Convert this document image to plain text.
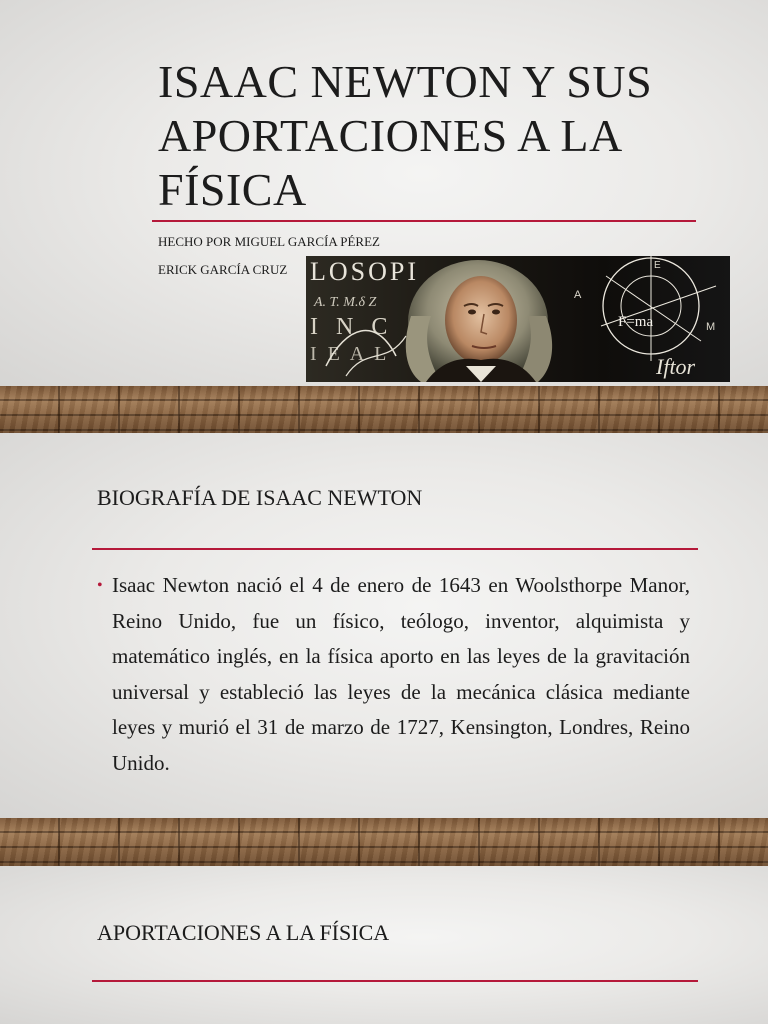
ISAAC NEWTON Y SUS
APORTACIONES A LA
FÍSICA
HECHO POR MIGUEL GARCÍA PÉREZ
ERICK GARCÍA CRUZ LOSOPI
A. T. M.δ Z
I N C
I E A L
F=ma
A
M
E
Iftor
BIOGRAFÍA DE ISAAC NEWTON
• Isaac Newton nació el 4 de enero de 1643 en Woolsthorpe Manor, Reino Unido, fue un físico, teólogo, inventor, alquimista y matemático inglés, en la física aporto en las leyes de la gravitación universal y estableció las leyes de la mecánica clásica mediante leyes y murió el 31 de marzo de 1727, Kensington, Londres, Reino Unido.
APORTACIONES A LA FÍSICA
